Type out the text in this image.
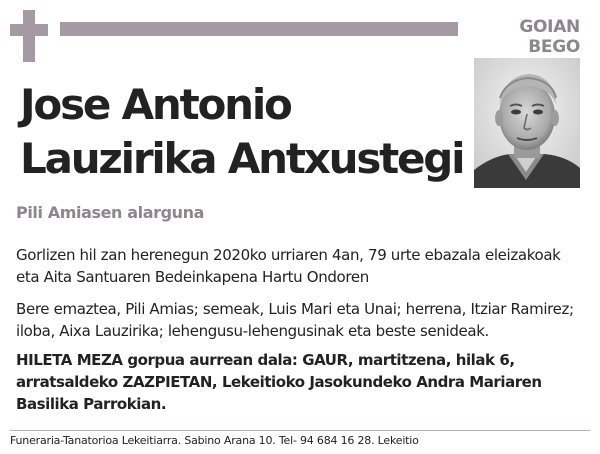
GOIAN BEGO
Jose Antonio
Lauzirika Antxustegi
Pili Amiasen alarguna
Gorlizen hil zan herenegun 2020ko urriaren 4an, 79 urte ebazala eleizakoak eta Aita Santuaren Bedeinkapena Hartu Ondoren
Bere emaztea, Pili Amias; semeak, Luis Mari eta Unai; herrena, Itziar Ramirez; iloba, Aixa Lauzirika; lehengusu-lehengusinak eta beste senideak.
HILETA MEZA gorpua aurrean dala: GAUR, martitzena, hilak 6, arratsaldeko ZAZPIETAN, Lekeitioko Jasokundeko Andra Mariaren Basilika Parrokian.
Funeraria-Tanatorioa Lekeitiarra. Sabino Arana 10. Tel- 94 684 16 28. Lekeitio
